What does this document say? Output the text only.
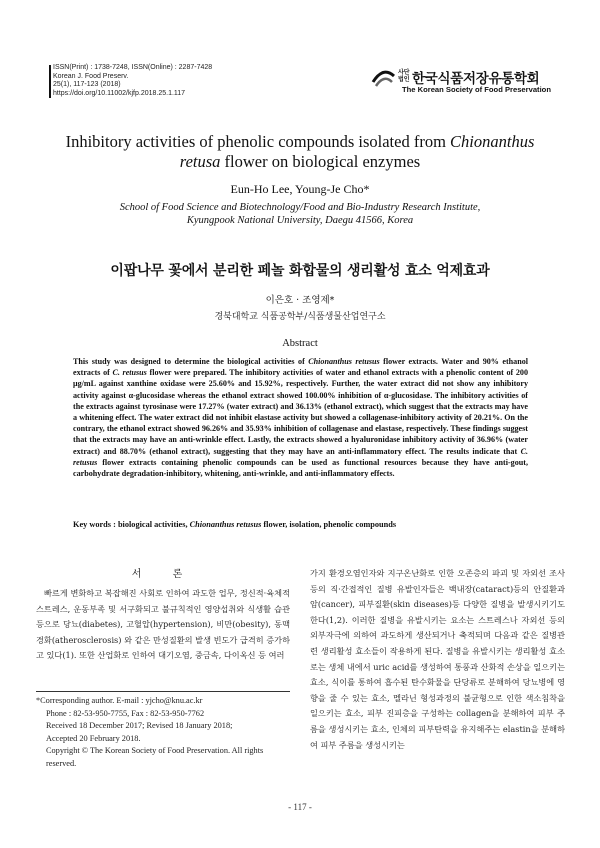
ISSN(Print) : 1738-7248, ISSN(Online) : 2287-7428
Korean J. Food Preserv.
25(1), 117-123 (2018)
https://doi.org/10.11002/kjfp.2018.25.1.117
사단법인 한국식품저장유통학회
The Korean Society of Food Preservation
Inhibitory activities of phenolic compounds isolated from Chionanthus
retusa flower on biological enzymes
Eun-Ho Lee, Young-Je Cho*
School of Food Science and Biotechnology/Food and Bio-Industry Research Institute,
Kyungpook National University, Daegu 41566, Korea
이팝나무 꽃에서 분리한 페놀 화합물의 생리활성 효소 억제효과
이은호 · 조영제*
경북대학교 식품공학부/식품생물산업연구소
Abstract

This study was designed to determine the biological activities of Chionanthus retusus flower extracts. Water and 90% ethanol extracts of C. retusus flower were prepared. The inhibitory activities of water and ethanol extracts with a phenolic content of 200 μg/mL against xanthine oxidase were 25.60% and 15.92%, respectively. Further, the water extract did not show any inhibitory activity against α-glucosidase whereas the ethanol extract showed 100.00% inhibition of α-glucosidase. The inhibitory activities of the extracts against tyrosinase were 17.27% (water extract) and 36.13% (ethanol extract), which suggest that the extracts may have a whitening effect. The water extract did not inhibit elastase activity but showed a collagenase-inhibitory activity of 20.21%. On the contrary, the ethanol extract showed 96.26% and 35.93% inhibition of collagenase and elastase, respectively. These findings suggest that the extracts may have an anti-wrinkle effect. Lastly, the extracts showed a hyaluronidase inhibitory activity of 36.96% (water extract) and 88.70% (ethanol extract), suggesting that they may have an anti-inflammatory effect. The results indicate that C. retusus flower extracts containing phenolic compounds can be used as functional resources because they have anti-gout, carbohydrate degradation-inhibitory, whitening, anti-wrinkle, and anti-inflammatory effects.

Key words : biological activities, Chionanthus retusus flower, isolation, phenolic compounds
서 론

빠르게 변화하고 복잡해진 사회로 인하여 과도한 업무, 정신적·육체적 스트레스, 운동부족 및 서구화되고 불규칙적인 영양섭취와 식생활 습관 등으로 당뇨(diabetes), 고혈압(hypertension), 비만(obesity), 동맥경화(atherosclerosis) 와 같은 만성질환의 발생 빈도가 급격히 증가하고 있다(1). 또한 산업화로 인하여 대기오염, 중금속, 다이옥신 등 여러

가지 환경오염인자와 지구온난화로 인한 오존층의 파괴 및 자외선 조사 등의 직·간접적인 질병 유발인자들은 백내장(cataract)등의 안질환과 암(cancer), 피부질환(skin diseases)등 다양한 질병을 발생시키기도 한다(1,2). 이러한 질병을 유발시키는 요소는 스트레스나 자외선 등의 외부자극에 의하여 과도하게 생산되거나 축적되며 다음과 같은 질병관련 생리활성 효소들이 작용하게 된다. 질병을 유발시키는 생리활성 효소로는 생체 내에서 uric acid를 생성하여 통풍과 산화적 손상을 일으키는 효소, 식이를 통하여 흡수된 탄수화물을 단당류로 분해하여 당뇨병에 영향을 줄 수 있는 효소, 멜라닌 형성과정의 불균형으로 인한 색소침착을 일으키는 효소, 피부 진피층을 구성하는 collagen을 분해하여 피부 주름을 생성시키는 효소, 인체의 피부탄력을 유지해주는 elastin을 분해하여 피부 주름을 생성시키는

*Corresponding author. E-mail : yjcho@knu.ac.kr

Phone : 82-53-950-7755, Fax : 82-53-950-7762

Received 18 December 2017; Revised 18 January 2018;

Accepted 20 February 2018.

Copyright © The Korean Society of Food Preservation. All rights reserved.

- 117 -
